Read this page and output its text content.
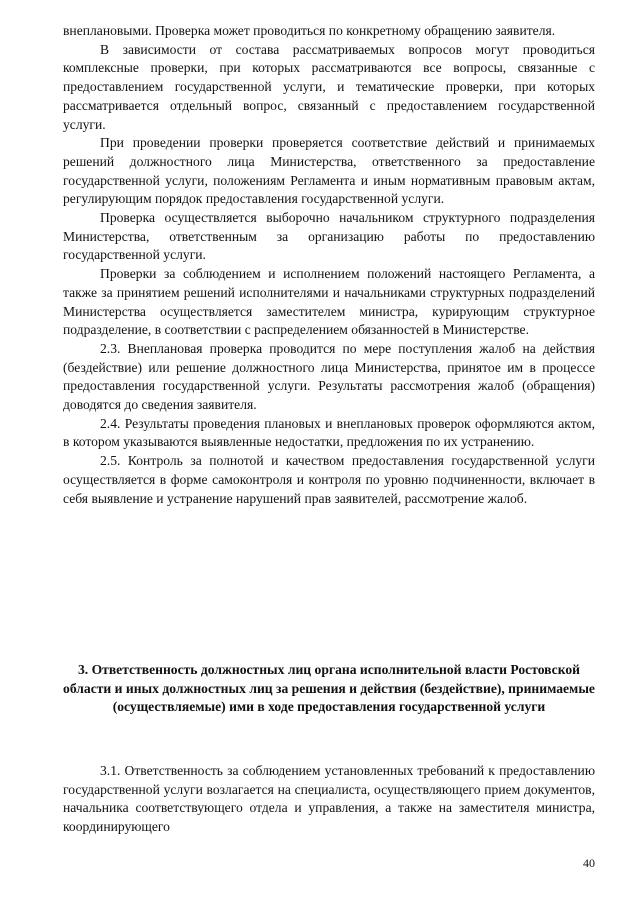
внеплановыми. Проверка может проводиться по конкретному обращению заявителя.

В зависимости от состава рассматриваемых вопросов могут проводиться комплексные проверки, при которых рассматриваются все вопросы, связанные с предоставлением государственной услуги, и тематические проверки, при которых рассматривается отдельный вопрос, связанный с предоставлением государственной услуги.

При проведении проверки проверяется соответствие действий и принимаемых решений должностного лица Министерства, ответственного за предоставление государственной услуги, положениям Регламента и иным нормативным правовым актам, регулирующим порядок предоставления государственной услуги.

Проверка осуществляется выборочно начальником структурного подразделения Министерства, ответственным за организацию работы по предоставлению государственной услуги.

Проверки за соблюдением и исполнением положений настоящего Регламента, а также за принятием решений исполнителями и начальниками структурных подразделений Министерства осуществляется заместителем министра, курирующим структурное подразделение, в соответствии с распределением обязанностей в Министерстве.

2.3. Внеплановая проверка проводится по мере поступления жалоб на действия (бездействие) или решение должностного лица Министерства, принятое им в процессе предоставления государственной услуги. Результаты рассмотрения жалоб (обращения) доводятся до сведения заявителя.

2.4. Результаты проведения плановых и внеплановых проверок оформляются актом, в котором указываются выявленные недостатки, предложения по их устранению.

2.5. Контроль за полнотой и качеством предоставления государственной услуги осуществляется в форме самоконтроля и контроля по уровню подчиненности, включает в себя выявление и устранение нарушений прав заявителей, рассмотрение жалоб.

3. Ответственность должностных лиц органа исполнительной власти Ростовской области и иных должностных лиц за решения и действия (бездействие), принимаемые (осуществляемые) ими в ходе предоставления государственной услуги

3.1. Ответственность за соблюдением установленных требований к предоставлению государственной услуги возлагается на специалиста, осуществляющего прием документов, начальника соответствующего отдела и управления, а также на заместителя министра, координирующего

40
